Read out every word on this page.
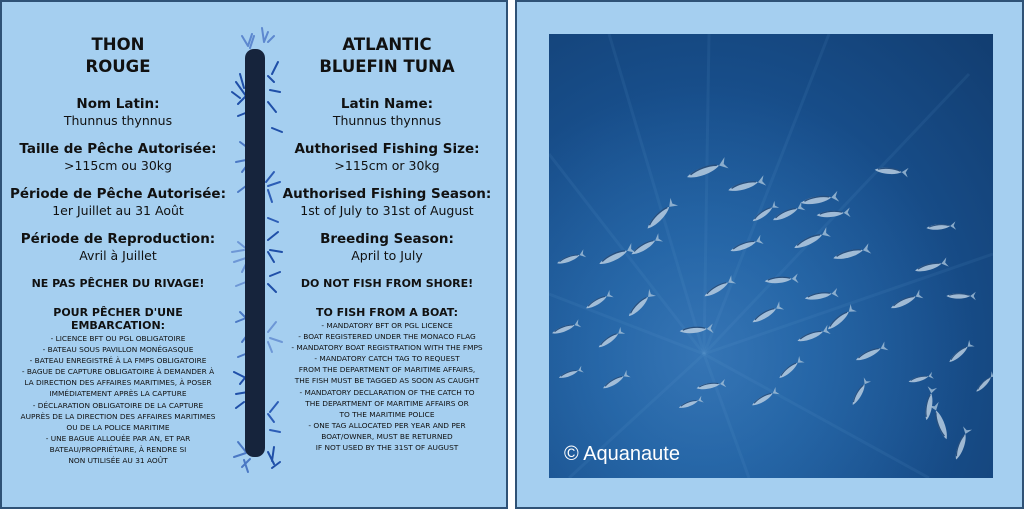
THON
ROUGE
Nom Latin:
Thunnus thynnus
Taille de Pêche Autorisée:
>115cm ou 30kg
Période de Pêche Autorisée:
1er Juillet au 31 Août
Période de Reproduction:
Avril à Juillet
NE PAS PÊCHER DU RIVAGE!
POUR PÊCHER D'UNE EMBARCATION:
- LICENCE BFT OU PGL OBLIGATOIRE
- BATEAU SOUS PAVILLON MONÉGASQUE
- BATEAU ENREGISTRÉ À LA FMPS OBLIGATOIRE
- BAGUE DE CAPTURE OBLIGATOIRE À DEMANDER À
LA DIRECTION DES AFFAIRES MARITIMES, À POSER
IMMÉDIATEMENT APRÈS LA CAPTURE
- DÉCLARATION OBLIGATOIRE DE LA CAPTURE
AUPRÈS DE LA DIRECTION DES AFFAIRES MARITIMES
OU DE LA POLICE MARITIME
- UNE BAGUE ALLOUÉE PAR AN, ET PAR
BATEAU/PROPRIÉTAIRE, À RENDRE SI
NON UTILISÉE AU 31 AOÛT
ATLANTIC
BLUEFIN TUNA
Latin Name:
Thunnus thynnus
Authorised Fishing Size:
>115cm or 30kg
Authorised Fishing Season:
1st of July to 31st of August
Breeding Season:
April to July
DO NOT FISH FROM SHORE!
TO FISH FROM A BOAT:
- MANDATORY BFT OR PGL LICENCE
- BOAT REGISTERED UNDER THE MONACO FLAG
- MANDATORY BOAT REGISTRATION WITH THE FMPS
- MANDATORY CATCH TAG TO REQUEST
FROM THE DEPARTMENT OF MARITIME AFFAIRS,
THE FISH MUST BE TAGGED AS SOON AS CAUGHT
- MANDATORY DECLARATION OF THE CATCH TO
THE DEPARTMENT OF MARITIME AFFAIRS OR
TO THE MARITIME POLICE
- ONE TAG ALLOCATED PER YEAR AND PER
BOAT/OWNER, MUST BE RETURNED
IF NOT USED BY THE 31ST OF AUGUST	© Aquanaute
